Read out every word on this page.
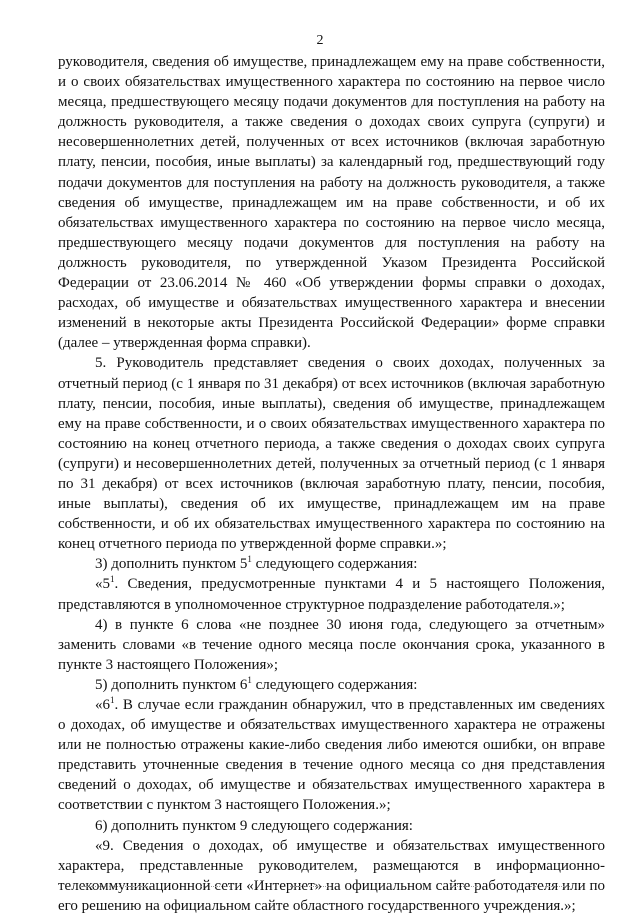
2

руководителя, сведения об имуществе, принадлежащем ему на праве собственности, и о своих обязательствах имущественного характера по состоянию на первое число месяца, предшествующего месяцу подачи документов для поступления на работу на должность руководителя, а также сведения о доходах своих супруга (супруги) и несовершеннолетних детей, полученных от всех источников (включая заработную плату, пенсии, пособия, иные выплаты) за календарный год, предшествующий году подачи документов для поступления на работу на должность руководителя, а также сведения об имуществе, принадлежащем им на праве собственности, и об их обязательствах имущественного характера по состоянию на первое число месяца, предшествующего месяцу подачи документов для поступления на работу на должность руководителя, по утвержденной Указом Президента Российской Федерации от 23.06.2014 № 460 «Об утверждении формы справки о доходах, расходах, об имуществе и обязательствах имущественного характера и внесении изменений в некоторые акты Президента Российской Федерации» форме справки (далее – утвержденная форма справки).

5. Руководитель представляет сведения о своих доходах, полученных за отчетный период (с 1 января по 31 декабря) от всех источников (включая заработную плату, пенсии, пособия, иные выплаты), сведения об имуществе, принадлежащем ему на праве собственности, и о своих обязательствах имущественного характера по состоянию на конец отчетного периода, а также сведения о доходах своих супруга (супруги) и несовершеннолетних детей, полученных за отчетный период (с 1 января по 31 декабря) от всех источников (включая заработную плату, пенсии, пособия, иные выплаты), сведения об их имуществе, принадлежащем им на праве собственности, и об их обязательствах имущественного характера по состоянию на конец отчетного периода по утвержденной форме справки.»;

3) дополнить пунктом $5^1$ следующего содержания:

«$5^1$. Сведения, предусмотренные пунктами 4 и 5 настоящего Положения, представляются в уполномоченное структурное подразделение работодателя.»;

4) в пункте 6 слова «не позднее 30 июня года, следующего за отчетным» заменить словами «в течение одного месяца после окончания срока, указанного в пункте 3 настоящего Положения»;

5) дополнить пунктом $6^1$ следующего содержания:

«$6^1$. В случае если гражданин обнаружил, что в представленных им сведениях о доходах, об имуществе и обязательствах имущественного характера не отражены или не полностью отражены какие-либо сведения либо имеются ошибки, он вправе представить уточненные сведения в течение одного месяца со дня представления сведений о доходах, об имуществе и обязательствах имущественного характера в соответствии с пунктом 3 настоящего Положения.»;

6) дополнить пунктом 9 следующего содержания:

«9. Сведения о доходах, об имуществе и обязательствах имущественного характера, представленные руководителем, размещаются в информационно-телекоммуникационной сети «Интернет» на официальном сайте работодателя или по его решению на официальном сайте областного государственного учреждения.»;
